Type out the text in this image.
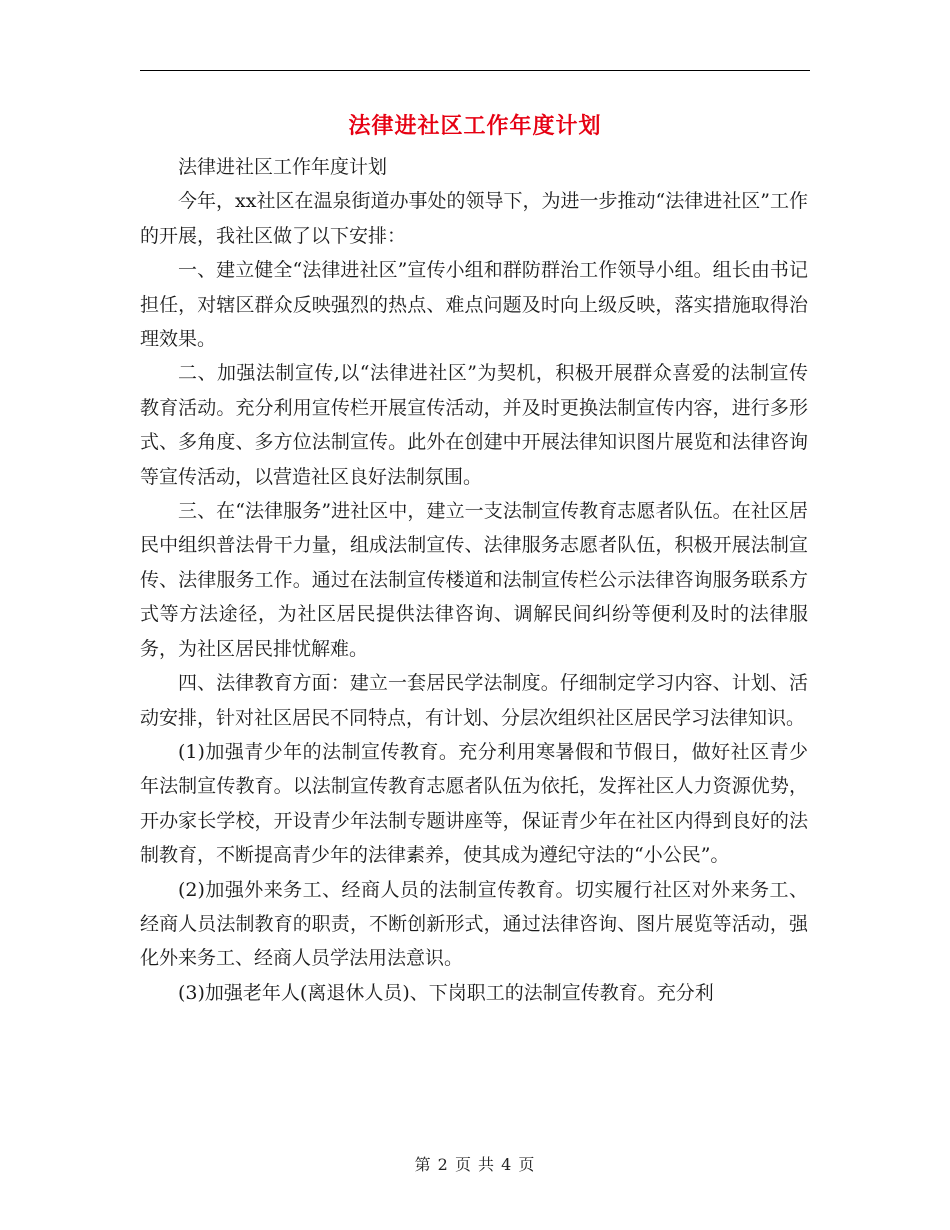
法律进社区工作年度计划

法律进社区工作年度计划

今年，xx社区在温泉街道办事处的领导下，为进一步推动“法律进社区”工作的开展，我社区做了以下安排：

一、建立健全“法律进社区”宣传小组和群防群治工作领导小组。组长由书记担任，对辖区群众反映强烈的热点、难点问题及时向上级反映，落实措施取得治理效果。

二、加强法制宣传,以“法律进社区”为契机，积极开展群众喜爱的法制宣传教育活动。充分利用宣传栏开展宣传活动，并及时更换法制宣传内容，进行多形式、多角度、多方位法制宣传。此外在创建中开展法律知识图片展览和法律咨询等宣传活动，以营造社区良好法制氛围。

三、在“法律服务”进社区中，建立一支法制宣传教育志愿者队伍。在社区居民中组织普法骨干力量，组成法制宣传、法律服务志愿者队伍，积极开展法制宣传、法律服务工作。通过在法制宣传楼道和法制宣传栏公示法律咨询服务联系方式等方法途径，为社区居民提供法律咨询、调解民间纠纷等便利及时的法律服务，为社区居民排忧解难。

四、法律教育方面：建立一套居民学法制度。仔细制定学习内容、计划、活动安排，针对社区居民不同特点，有计划、分层次组织社区居民学习法律知识。

(1)加强青少年的法制宣传教育。充分利用寒暑假和节假日，做好社区青少年法制宣传教育。以法制宣传教育志愿者队伍为依托，发挥社区人力资源优势，开办家长学校，开设青少年法制专题讲座等，保证青少年在社区内得到良好的法制教育，不断提高青少年的法律素养，使其成为遵纪守法的“小公民”。

(2)加强外来务工、经商人员的法制宣传教育。切实履行社区对外来务工、经商人员法制教育的职责，不断创新形式，通过法律咨询、图片展览等活动，强化外来务工、经商人员学法用法意识。

(3)加强老年人(离退休人员)、下岗职工的法制宣传教育。充分利

第 2 页 共 4 页
